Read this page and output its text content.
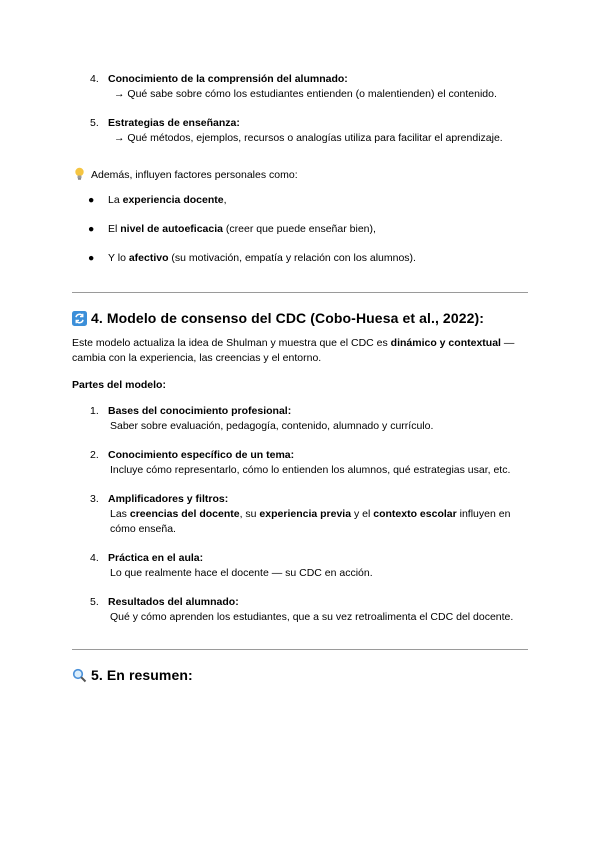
4. Conocimiento de la comprensión del alumnado:
→ Qué sabe sobre cómo los estudiantes entienden (o malentienden) el contenido.
5. Estrategias de enseñanza:
→ Qué métodos, ejemplos, recursos o analogías utiliza para facilitar el aprendizaje.
Además, influyen factores personales como:
● La experiencia docente,
● El nivel de autoeficacia (creer que puede enseñar bien),
● Y lo afectivo (su motivación, empatía y relación con los alumnos).
4. Modelo de consenso del CDC (Cobo-Huesa et al., 2022):

Este modelo actualiza la idea de Shulman y muestra que el CDC es dinámico y contextual — cambia con la experiencia, las creencias y el entorno.

Partes del modelo:
1. Bases del conocimiento profesional:
Saber sobre evaluación, pedagogía, contenido, alumnado y currículo.
2. Conocimiento específico de un tema:
Incluye cómo representarlo, cómo lo entienden los alumnos, qué estrategias usar, etc.
3. Amplificadores y filtros:
Las creencias del docente, su experiencia previa y el contexto escolar influyen en cómo enseña.
4. Práctica en el aula:
Lo que realmente hace el docente — su CDC en acción.
5. Resultados del alumnado:
Qué y cómo aprenden los estudiantes, que a su vez retroalimenta el CDC del docente.
5. En resumen:
